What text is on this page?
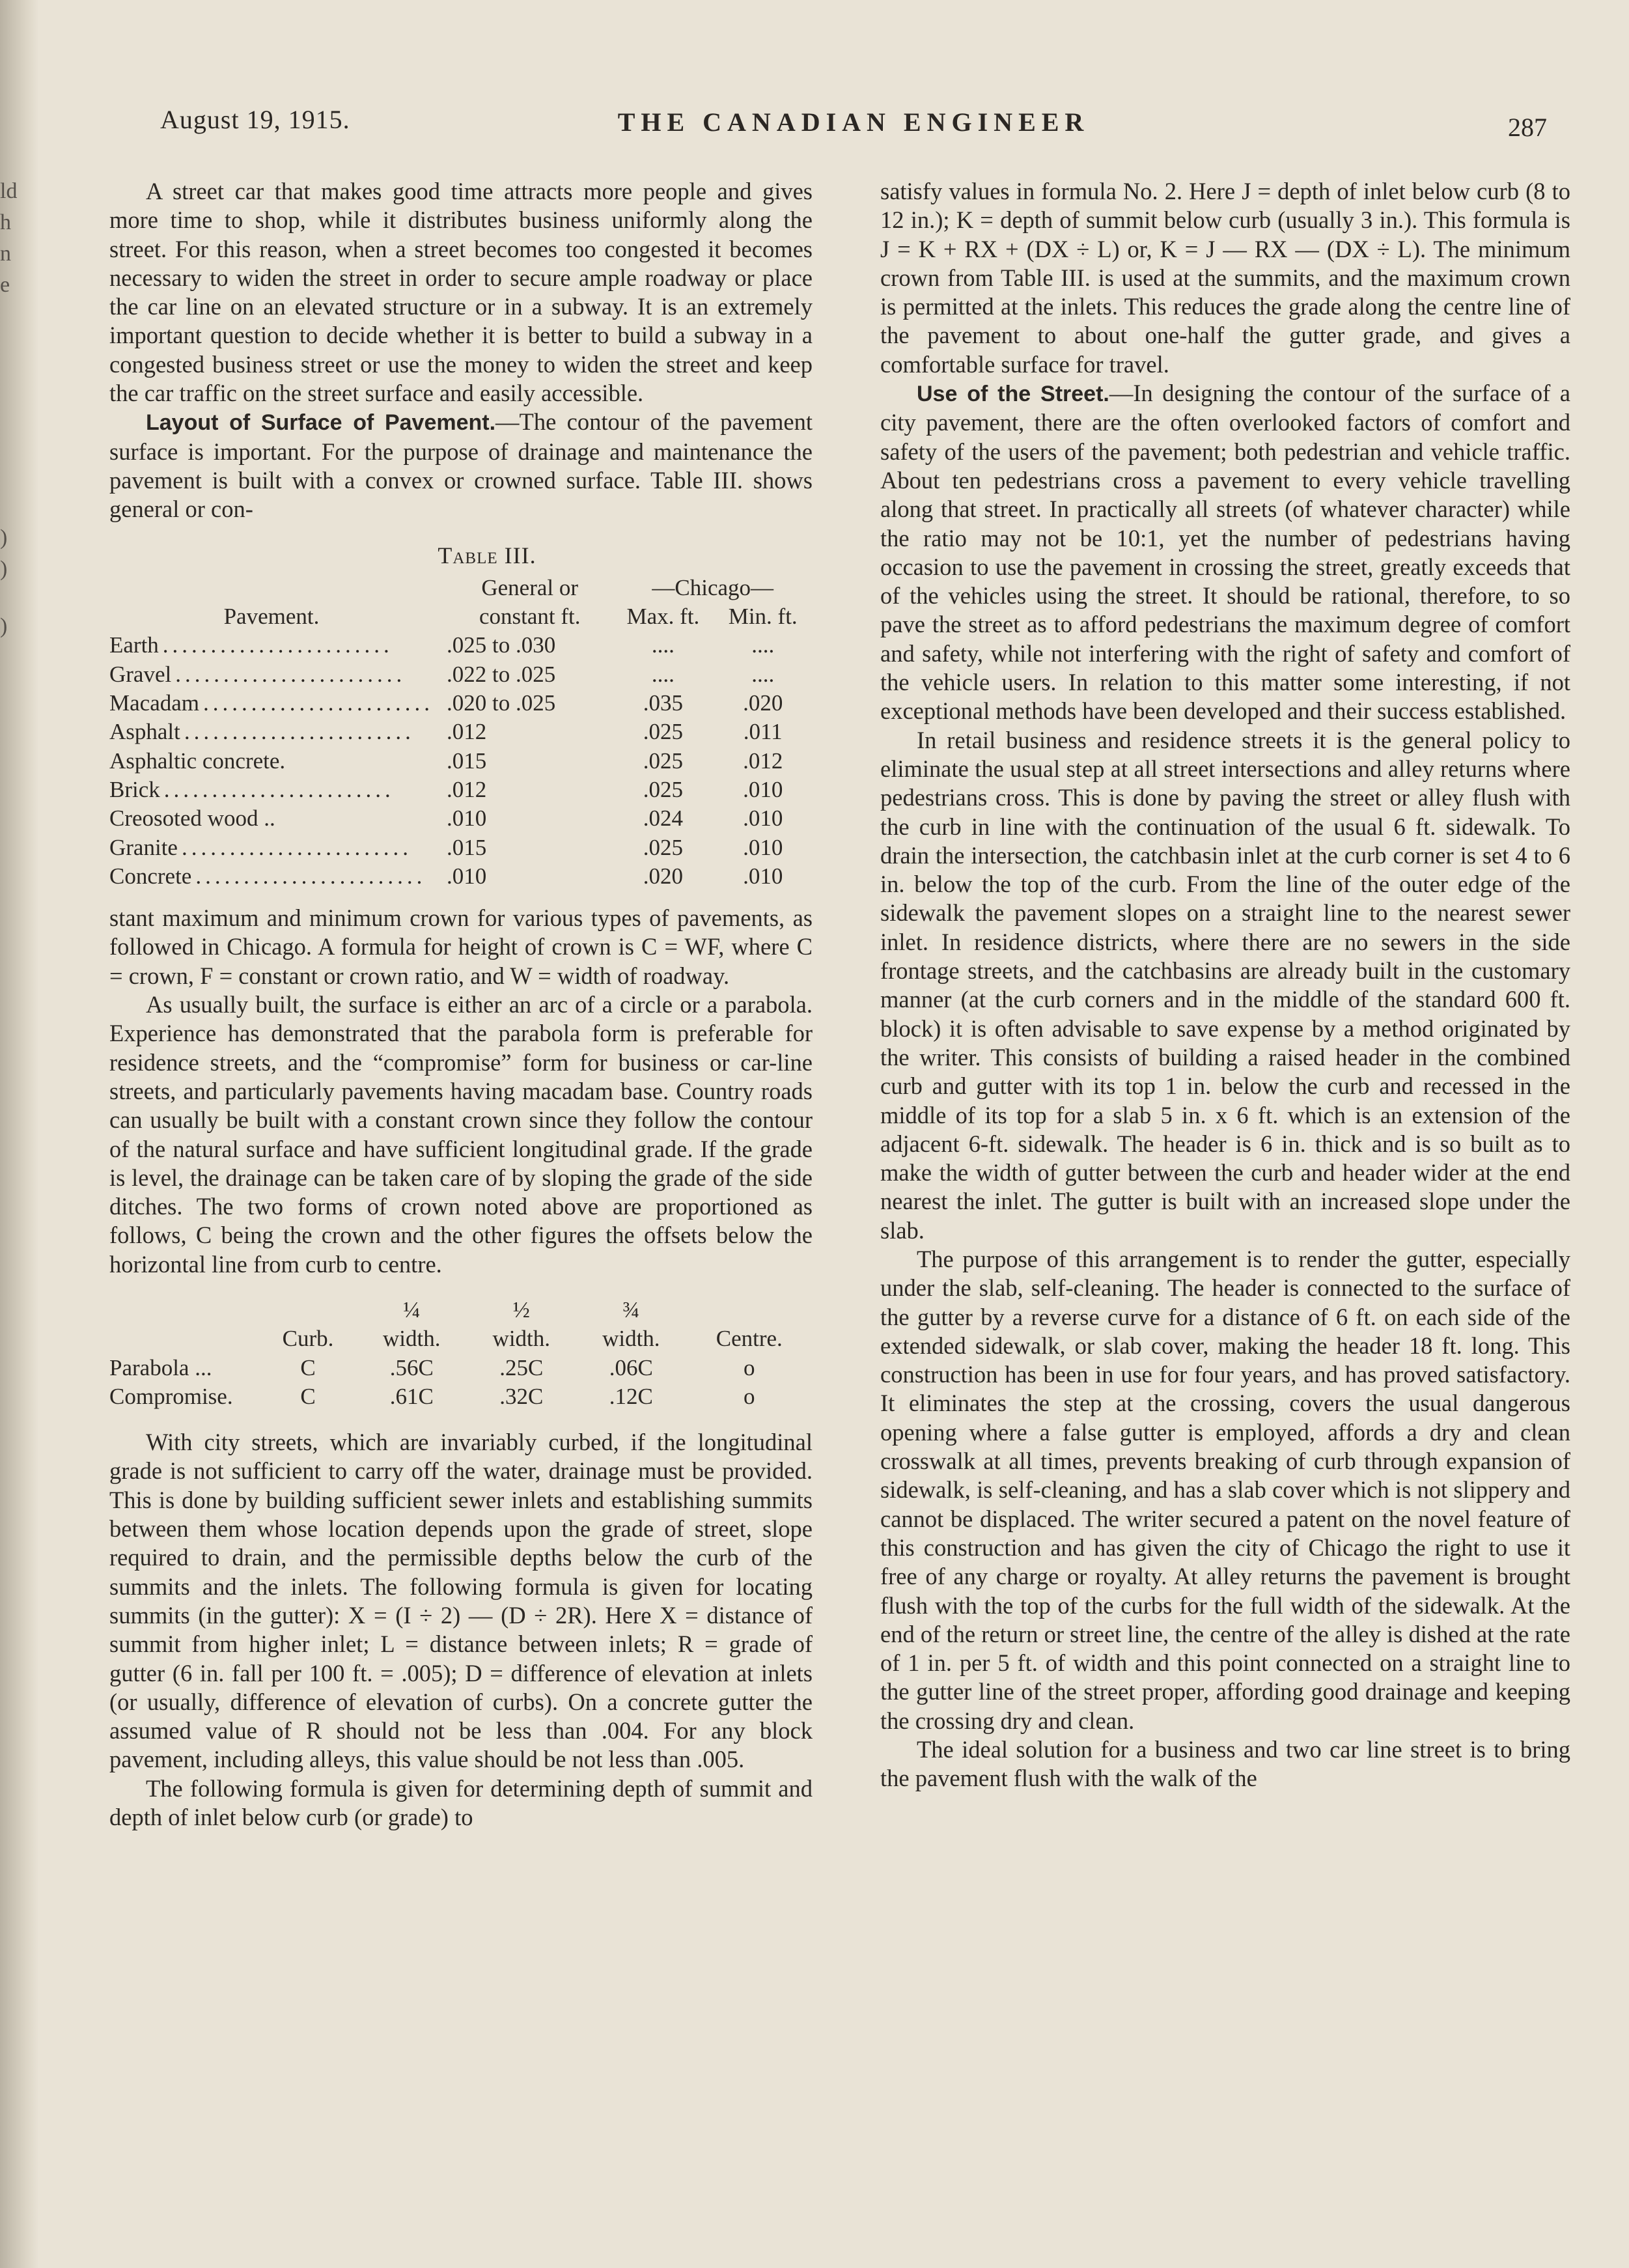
ld
h
n
e
)
)
)
August 19, 1915.	THE CANADIAN ENGINEER	287

A street car that makes good time attracts more people and gives more time to shop, while it distributes business uniformly along the street. For this reason, when a street becomes too congested it becomes necessary to widen the street in order to secure ample roadway or place the car line on an elevated structure or in a subway. It is an extremely important question to decide whether it is better to build a subway in a congested business street or use the money to widen the street and keep the car traffic on the street surface and easily accessible.

Layout of Surface of Pavement.—The contour of the pavement surface is important. For the purpose of drainage and maintenance the pavement is built with a convex or crowned surface. Table III. shows general or con-

Table III.
	General or	—Chicago—	
Pavement.	constant ft.	Max. ft.	Min. ft.
Earth ........................	.025 to .030	....	....
Gravel ........................	.022 to .025	....	....
Macadam ........................	.020 to .025	.035	.020
Asphalt ........................	.012	.025	.011
Asphaltic concrete.	.015	.025	.012
Brick ........................	.012	.025	.010
Creosoted wood ..	.010	.024	.010
Granite ........................	.015	.025	.010
Concrete ........................	.010	.020	.010

stant maximum and minimum crown for various types of pavements, as followed in Chicago. A formula for height of crown is C = WF, where C = crown, F = constant or crown ratio, and W = width of roadway.

As usually built, the surface is either an arc of a circle or a parabola. Experience has demonstrated that the parabola form is preferable for residence streets, and the “compromise” form for business or car-line streets, and particularly pavements having macadam base. Country roads can usually be built with a constant crown since they follow the contour of the natural surface and have sufficient longitudinal grade. If the grade is level, the drainage can be taken care of by sloping the grade of the side ditches. The two forms of crown noted above are proportioned as follows, C being the crown and the other figures the offsets below the horizontal line from curb to centre.

		¼	½	¾	
	Curb.	width.	width.	width.	Centre.
Parabola ...	C	.56C	.25C	.06C	o
Compromise.	C	.61C	.32C	.12C	o

With city streets, which are invariably curbed, if the longitudinal grade is not sufficient to carry off the water, drainage must be provided. This is done by building sufficient sewer inlets and establishing summits between them whose location depends upon the grade of street, slope required to drain, and the permissible depths below the curb of the summits and the inlets. The following formula is given for locating summits (in the gutter): X = (I ÷ 2) — (D ÷ 2R). Here X = distance of summit from higher inlet; L = distance between inlets; R = grade of gutter (6 in. fall per 100 ft. = .005); D = difference of elevation at inlets (or usually, difference of elevation of curbs). On a concrete gutter the assumed value of R should not be less than .004. For any block pavement, including alleys, this value should be not less than .005.

The following formula is given for determining depth of summit and depth of inlet below curb (or grade) to

satisfy values in formula No. 2. Here J = depth of inlet below curb (8 to 12 in.); K = depth of summit below curb (usually 3 in.). This formula is J = K + RX + (DX ÷ L) or, K = J — RX — (DX ÷ L). The minimum crown from Table III. is used at the summits, and the maximum crown is permitted at the inlets. This reduces the grade along the centre line of the pavement to about one-half the gutter grade, and gives a comfortable surface for travel.

Use of the Street.—In designing the contour of the surface of a city pavement, there are the often overlooked factors of comfort and safety of the users of the pavement; both pedestrian and vehicle traffic. About ten pedestrians cross a pavement to every vehicle travelling along that street. In practically all streets (of whatever character) while the ratio may not be 10:1, yet the number of pedestrians having occasion to use the pavement in crossing the street, greatly exceeds that of the vehicles using the street. It should be rational, therefore, to so pave the street as to afford pedestrians the maximum degree of comfort and safety, while not interfering with the right of safety and comfort of the vehicle users. In relation to this matter some interesting, if not exceptional methods have been developed and their success established.

In retail business and residence streets it is the general policy to eliminate the usual step at all street intersections and alley returns where pedestrians cross. This is done by paving the street or alley flush with the curb in line with the continuation of the usual 6 ft. sidewalk. To drain the intersection, the catchbasin inlet at the curb corner is set 4 to 6 in. below the top of the curb. From the line of the outer edge of the sidewalk the pavement slopes on a straight line to the nearest sewer inlet. In residence districts, where there are no sewers in the side frontage streets, and the catchbasins are already built in the customary manner (at the curb corners and in the middle of the standard 600 ft. block) it is often advisable to save expense by a method originated by the writer. This consists of building a raised header in the combined curb and gutter with its top 1 in. below the curb and recessed in the middle of its top for a slab 5 in. x 6 ft. which is an extension of the adjacent 6-ft. sidewalk. The header is 6 in. thick and is so built as to make the width of gutter between the curb and header wider at the end nearest the inlet. The gutter is built with an increased slope under the slab.

The purpose of this arrangement is to render the gutter, especially under the slab, self-cleaning. The header is connected to the surface of the gutter by a reverse curve for a distance of 6 ft. on each side of the extended sidewalk, or slab cover, making the header 18 ft. long. This construction has been in use for four years, and has proved satisfactory. It eliminates the step at the crossing, covers the usual dangerous opening where a false gutter is employed, affords a dry and clean crosswalk at all times, prevents breaking of curb through expansion of sidewalk, is self-cleaning, and has a slab cover which is not slippery and cannot be displaced. The writer secured a patent on the novel feature of this construction and has given the city of Chicago the right to use it free of any charge or royalty. At alley returns the pavement is brought flush with the top of the curbs for the full width of the sidewalk. At the end of the return or street line, the centre of the alley is dished at the rate of 1 in. per 5 ft. of width and this point connected on a straight line to the gutter line of the street proper, affording good drainage and keeping the crossing dry and clean.

The ideal solution for a business and two car line street is to bring the pavement flush with the walk of the
